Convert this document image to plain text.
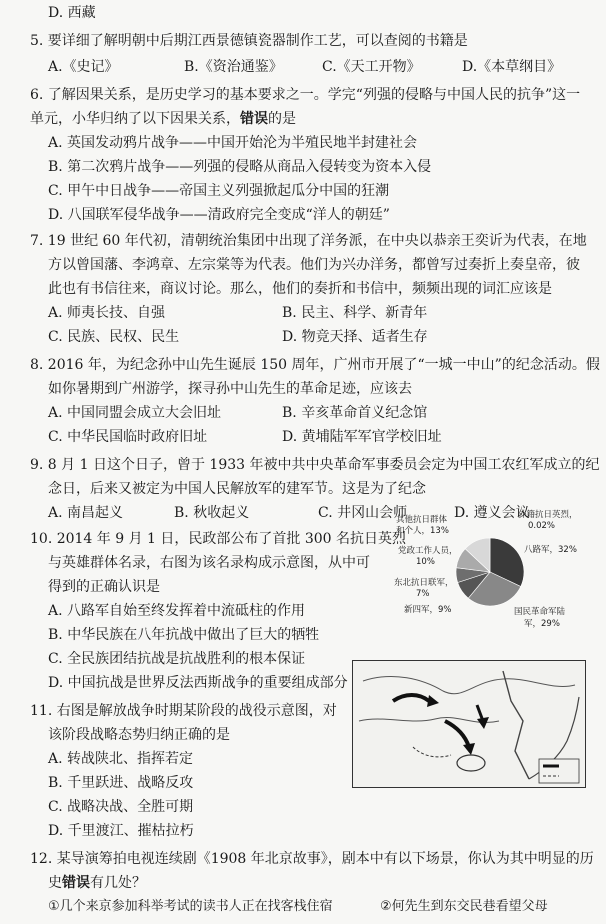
D. 西藏
5. 要详细了解明朝中后期江西景德镇瓷器制作工艺，可以查阅的书籍是
A.《史记》	B.《资治通鉴》	C.《天工开物》	D.《本草纲目》
6. 了解因果关系，是历史学习的基本要求之一。学完“列强的侵略与中国人民的抗争”这一
单元，小华归纳了以下因果关系，错误的是
A. 英国发动鸦片战争——中国开始沦为半殖民地半封建社会
B. 第二次鸦片战争——列强的侵略从商品入侵转变为资本入侵
C. 甲午中日战争——帝国主义列强掀起瓜分中国的狂潮
D. 八国联军侵华战争——清政府完全变成“洋人的朝廷”
7. 19 世纪 60 年代初，清朝统治集团中出现了洋务派，在中央以恭亲王奕䜣为代表，在地
方以曾国藩、李鸿章、左宗棠等为代表。他们为兴办洋务，都曾写过奏折上奏皇帝，彼
此也有书信往来，商议讨论。那么，他们的奏折和书信中，频频出现的词汇应该是
A. 师夷长技、自强	B. 民主、科学、新青年
C. 民族、民权、民生	D. 物竞天择、适者生存
8. 2016 年，为纪念孙中山先生诞辰 150 周年，广州市开展了“一城一中山”的纪念活动。假
如你暑期到广州游学，探寻孙中山先生的革命足迹，应该去
A. 中国同盟会成立大会旧址	B. 辛亥革命首义纪念馆
C. 中华民国临时政府旧址	D. 黄埔陆军军官学校旧址
9. 8 月 1 日这个日子，曾于 1933 年被中共中央革命军事委员会定为中国工农红军成立的纪
念日，后来又被定为中国人民解放军的建军节。这是为了纪念
A. 南昌起义	B. 秋收起义	C. 井冈山会师	D. 遵义会议
10. 2014 年 9 月 1 日，民政部公布了首批 300 名抗日英烈
与英雄群体名录，右图为该名录构成示意图，从中可
得到的正确认识是
A. 八路军自始至终发挥着中流砥柱的作用
B. 中华民族在八年抗战中做出了巨大的牺牲
C. 全民族团结抗战是抗战胜利的根本保证
D. 中国抗战是世界反法西斯战争的重要组成部分
其他抗日群体
和个人，13%
党政工作人员，
10%
东北抗日联军，
7%
新四军，9%
外籍抗日英烈，
0.02%
八路军，32%
国民革命军陆
军，29%
11. 右图是解放战争时期某阶段的战役示意图，对
该阶段战略态势归纳正确的是
A. 转战陕北、指挥若定
B. 千里跃进、战略反攻
C. 战略决战、全胜可期
D. 千里渡江、摧枯拉朽
12. 某导演筹拍电视连续剧《1908 年北京故事》，剧本中有以下场景，你认为其中明显的历
史错误有几处？
①几个来京参加科举考试的读书人正在找客栈住宿	②何先生到东交民巷看望父母
